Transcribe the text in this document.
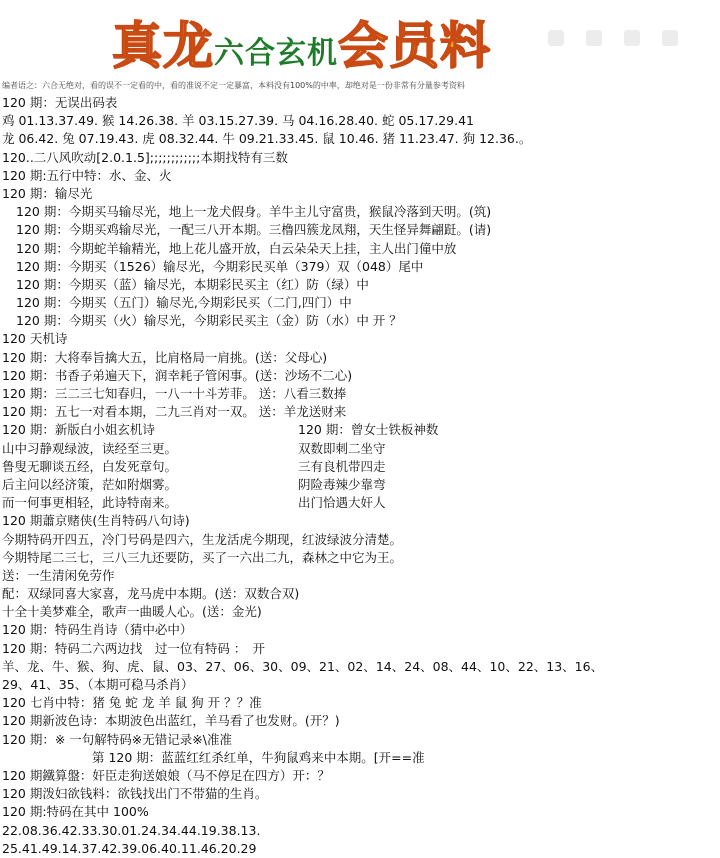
真龙六合玄机会员料
编者语之：六合无绝对，看的误不一定看的中，看的准说不定一定暴富，本料没有100%的中率，却绝对是一份非常有分量参考资料
120 期：无误出码表
鸡 01.13.37.49. 猴 14.26.38. 羊 03.15.27.39. 马 04.16.28.40. 蛇 05.17.29.41
龙 06.42. 兔 07.19.43. 虎 08.32.44. 牛 09.21.33.45. 鼠 10.46. 猪 11.23.47. 狗 12.36.。
120..二八风吹动[2.0.1.5];;;;;;;;;;;;本期找特有三数
120 期:五行中特：水、金、火
120 期：输尽光
120 期：今期买马输尽光，地上一龙犬假身。羊牛主儿守富贵，猴鼠冷落到天明。(筑)
120 期：今期买鸡输尽光，一配三八开本期。三橹四簇龙凤翔，天生怪异舞翩跹。(请)
120 期：今期蛇羊输精光，地上花儿盛开放，白云朵朵天上挂，主人出门僮中放
120 期：今期买（1526）输尽光，今期彩民买单（379）双（048）尾中
120 期：今期买（蓝）输尽光，本期彩民买主（红）防（绿）中
120 期：今期买（五门）输尽光,今期彩民买（二门,四门）中
120 期：今期买（火）输尽光，今期彩民买主（金）防（水）中 开 ？
120 天机诗
120 期：大将奉旨擒大五，比肩格局一肩挑。(送：父母心)
120 期：书香子弟遍天下，润幸耗子管闲事。(送：沙场不二心)
120 期：三二三七知春归，一八一十斗芳菲。 送：八看三数捧
120 期：五七一对看本期，二九三肖对一双。 送：羊龙送财来
120 期：新版白小姐玄机诗	120 期：曾女士铁板神数
山中习静观绿波，读经至三更。	双数即刺二坐守
鲁叟无聊谈五经，白发死章句。	三有良机带四走
后主问以经济策，茫如附烟雾。	阴险毒辣少靠弯
而一何事更相轻，此诗特南来。	出门恰遇大奸人
120 期蕭京赌侠(生肖特码八句诗)
今期特码开四五，冷门号码是四六，生龙活虎今期现，红波绿波分清楚。
今期特尾二三七，三八三九还要防，买了一六出二九，森林之中它为王。
送：一生清闲免劳作
配：双绿同喜大家喜，龙马虎中本期。(送：双数合双)
十全十美梦难全，歌声一曲暖人心。(送：金光)
120 期：特码生肖诗（猜中必中）
120 期：特码二六两边找　过一位有特码 ：　开
羊、龙、牛、猴、狗、虎、鼠、03、27、06、30、09、21、02、14、24、08、44、10、22、13、16、
29、41、35、（本期可稳马杀肖）
120 七肖中特：猪 兔 蛇 龙 羊 鼠 狗 开 ？？准
120 期新波色诗：本期波色出蓝红，羊马看了也发财。(开？)
120 期：※ 一句解特码※无错记录※\准准
第 120 期：蓝蓝红红杀红单，牛狗鼠鸡来中本期。[开==准
120 期鐵算盤：奸臣走狗送娘娘（马不停足在四方）开：？
120 期泼妇欲钱料：欲钱找出门不带猫的生肖。
120 期:特码在其中 100%
22.08.36.42.33.30.01.24.34.44.19.38.13.
25.41.49.14.37.42.39.06.40.11.46.20.29
